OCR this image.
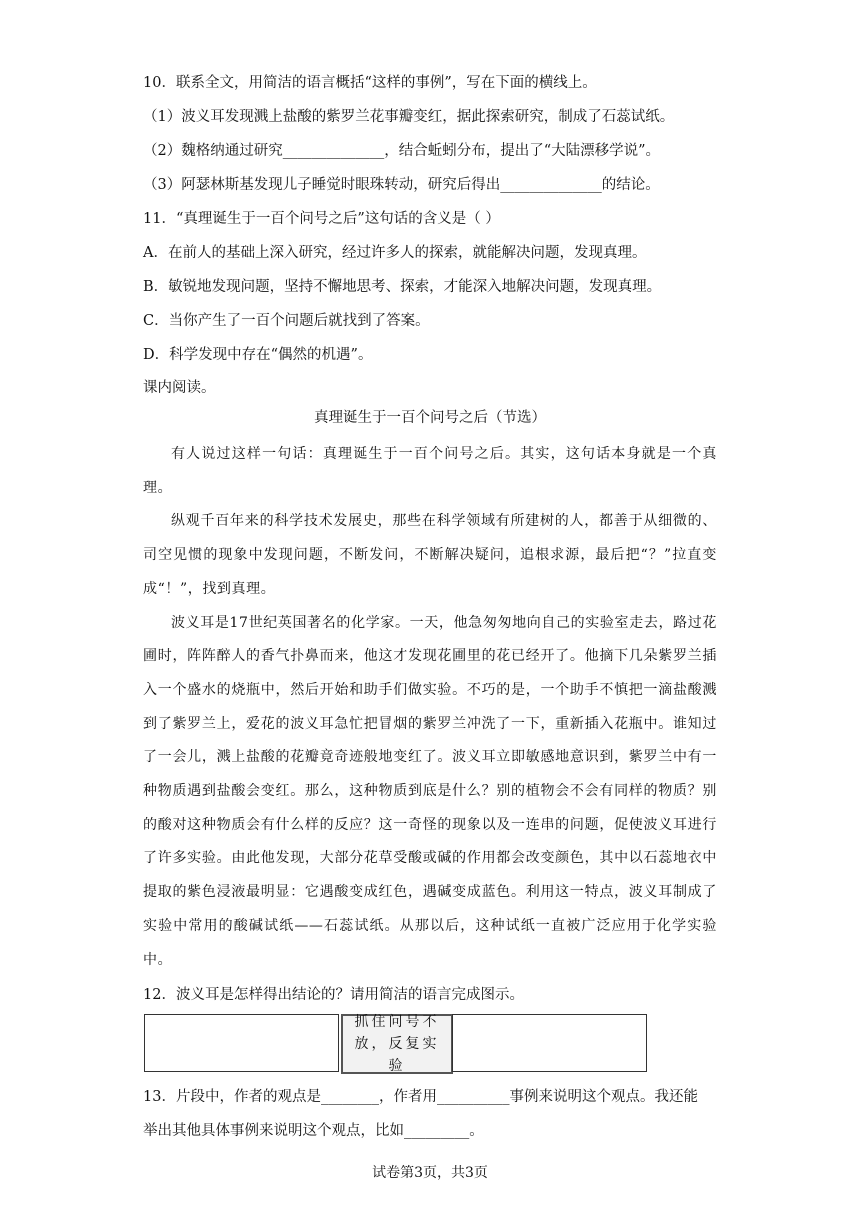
10．联系全文，用简洁的语言概括“这样的事例”，写在下面的横线上。
（1）波义耳发现溅上盐酸的紫罗兰花事瓣变红，据此探索研究，制成了石蕊试纸。
（2）魏格纳通过研究______________，结合蚯蚓分布，提出了“大陆漂移学说”。
（3）阿瑟林斯基发现儿子睡觉时眼珠转动，研究后得出______________的结论。
11．“真理诞生于一百个问号之后”这句话的含义是（ ）
A．在前人的基础上深入研究，经过许多人的探索，就能解决问题，发现真理。
B．敏锐地发现问题，坚持不懈地思考、探索，才能深入地解决问题，发现真理。
C．当你产生了一百个问题后就找到了答案。
D．科学发现中存在“偶然的机遇”。
课内阅读。
真理诞生于一百个问号之后（节选）

有人说过这样一句话：真理诞生于一百个问号之后。其实，这句话本身就是一个真理。

纵观千百年来的科学技术发展史，那些在科学领域有所建树的人，都善于从细微的、司空见惯的现象中发现问题，不断发问，不断解决疑问，追根求源，最后把“？”拉直变成“！”，找到真理。

波义耳是17世纪英国著名的化学家。一天，他急匆匆地向自己的实验室走去，路过花圃时，阵阵醉人的香气扑鼻而来，他这才发现花圃里的花已经开了。他摘下几朵紫罗兰插入一个盛水的烧瓶中，然后开始和助手们做实验。不巧的是，一个助手不慎把一滴盐酸溅到了紫罗兰上，爱花的波义耳急忙把冒烟的紫罗兰冲洗了一下，重新插入花瓶中。谁知过了一会儿，溅上盐酸的花瓣竟奇迹般地变红了。波义耳立即敏感地意识到，紫罗兰中有一种物质遇到盐酸会变红。那么，这种物质到底是什么？别的植物会不会有同样的物质？别的酸对这种物质会有什么样的反应？这一奇怪的现象以及一连串的问题，促使波义耳进行了许多实验。由此他发现，大部分花草受酸或碱的作用都会改变颜色，其中以石蕊地衣中提取的紫色浸液最明显：它遇酸变成红色，遇碱变成蓝色。利用这一特点，波义耳制成了实验中常用的酸碱试纸——石蕊试纸。从那以后，这种试纸一直被广泛应用于化学实验中。

12．波义耳是怎样得出结论的？请用简洁的语言完成图示。
抓住问号不放，反复实验
13．片段中，作者的观点是________，作者用__________事例来说明这个观点。我还能
举出其他具体事例来说明这个观点，比如_________。
试卷第3页，共3页
